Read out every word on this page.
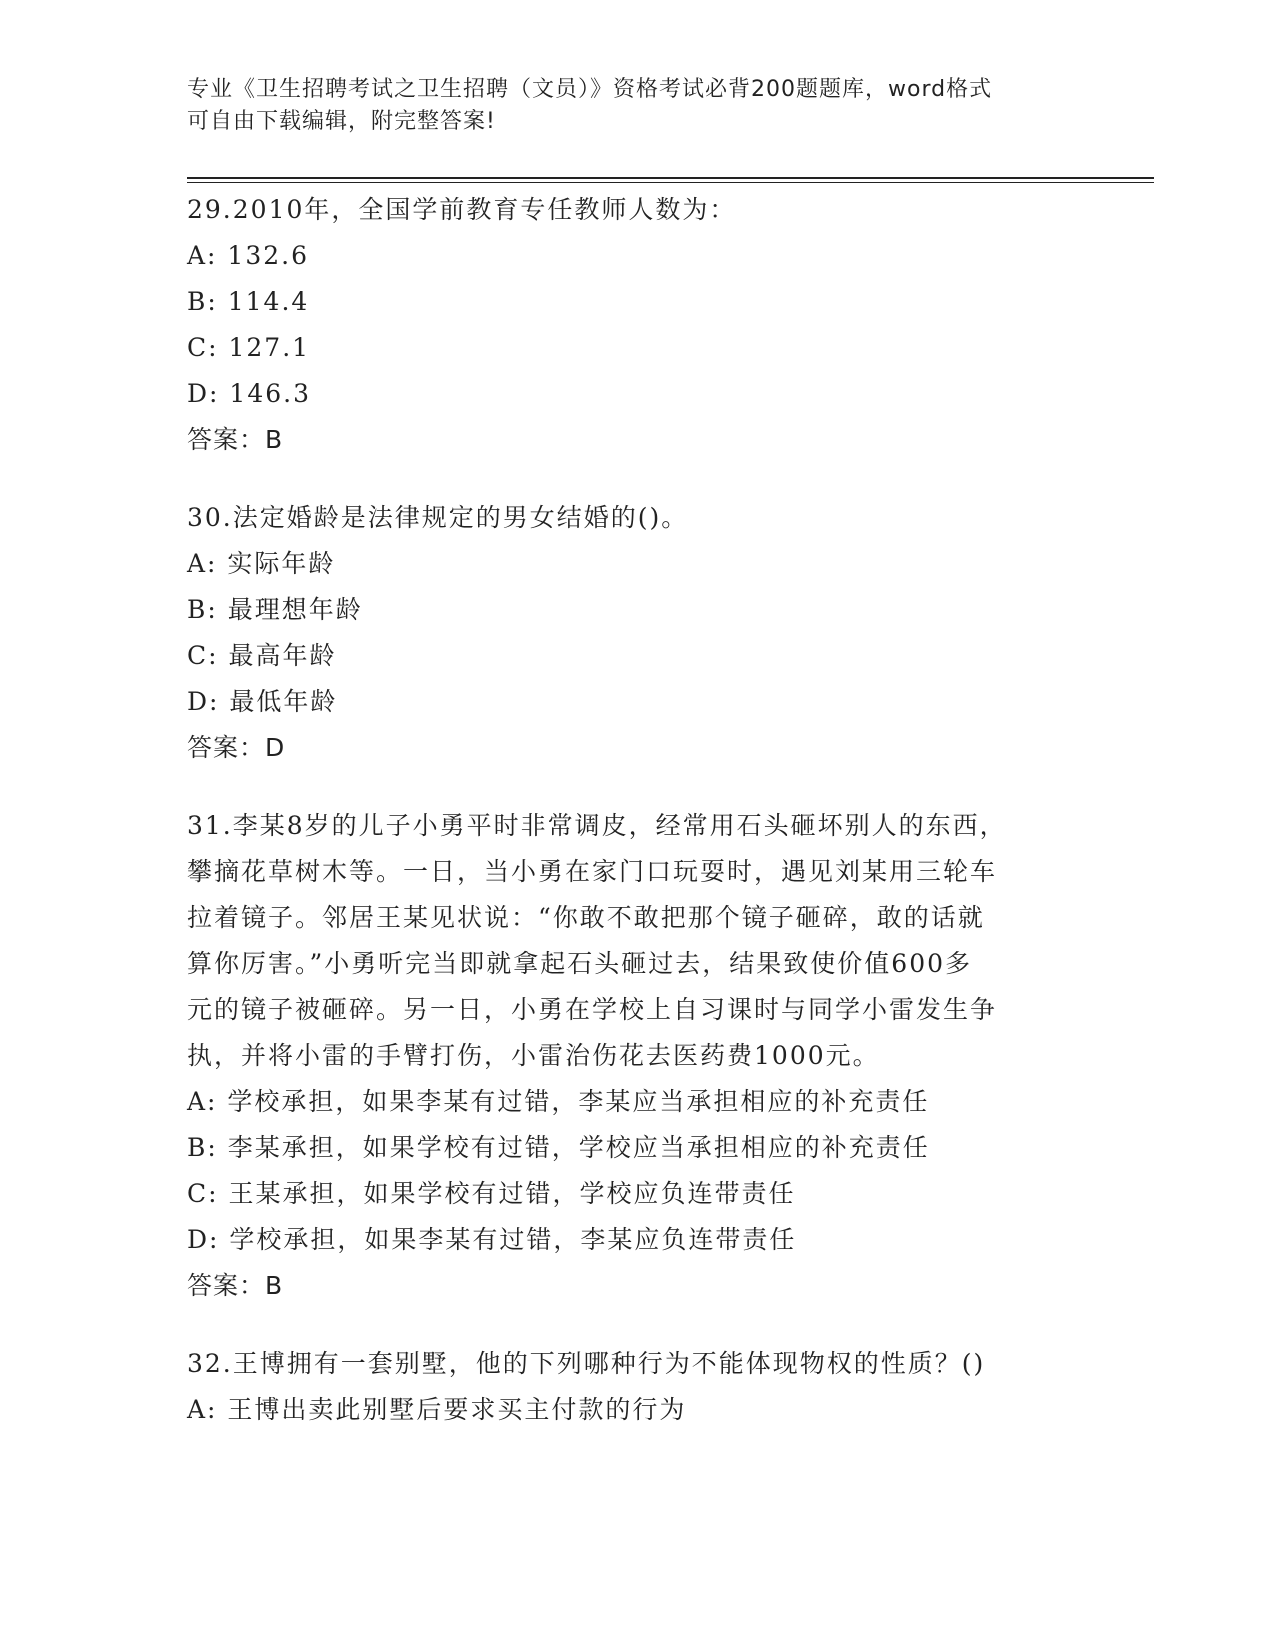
专业《卫生招聘考试之卫生招聘（文员）》资格考试必背200题题库，word格式
可自由下载编辑，附完整答案!

29.2010年，全国学前教育专任教师人数为：

A: 132.6

B: 114.4

C: 127.1

D: 146.3

答案：B

30.法定婚龄是法律规定的男女结婚的()。

A: 实际年龄

B: 最理想年龄

C: 最高年龄

D: 最低年龄

答案：D

31.李某8岁的儿子小勇平时非常调皮，经常用石头砸坏别人的东西，

攀摘花草树木等。一日，当小勇在家门口玩耍时，遇见刘某用三轮车

拉着镜子。邻居王某见状说：“你敢不敢把那个镜子砸碎，敢的话就

算你厉害。”小勇听完当即就拿起石头砸过去，结果致使价值600多

元的镜子被砸碎。另一日，小勇在学校上自习课时与同学小雷发生争

执，并将小雷的手臂打伤，小雷治伤花去医药费1000元。

A: 学校承担，如果李某有过错，李某应当承担相应的补充责任

B: 李某承担，如果学校有过错，学校应当承担相应的补充责任

C: 王某承担，如果学校有过错，学校应负连带责任

D: 学校承担，如果李某有过错，李某应负连带责任

答案：B

32.王博拥有一套别墅，他的下列哪种行为不能体现物权的性质？()

A: 王博出卖此别墅后要求买主付款的行为
